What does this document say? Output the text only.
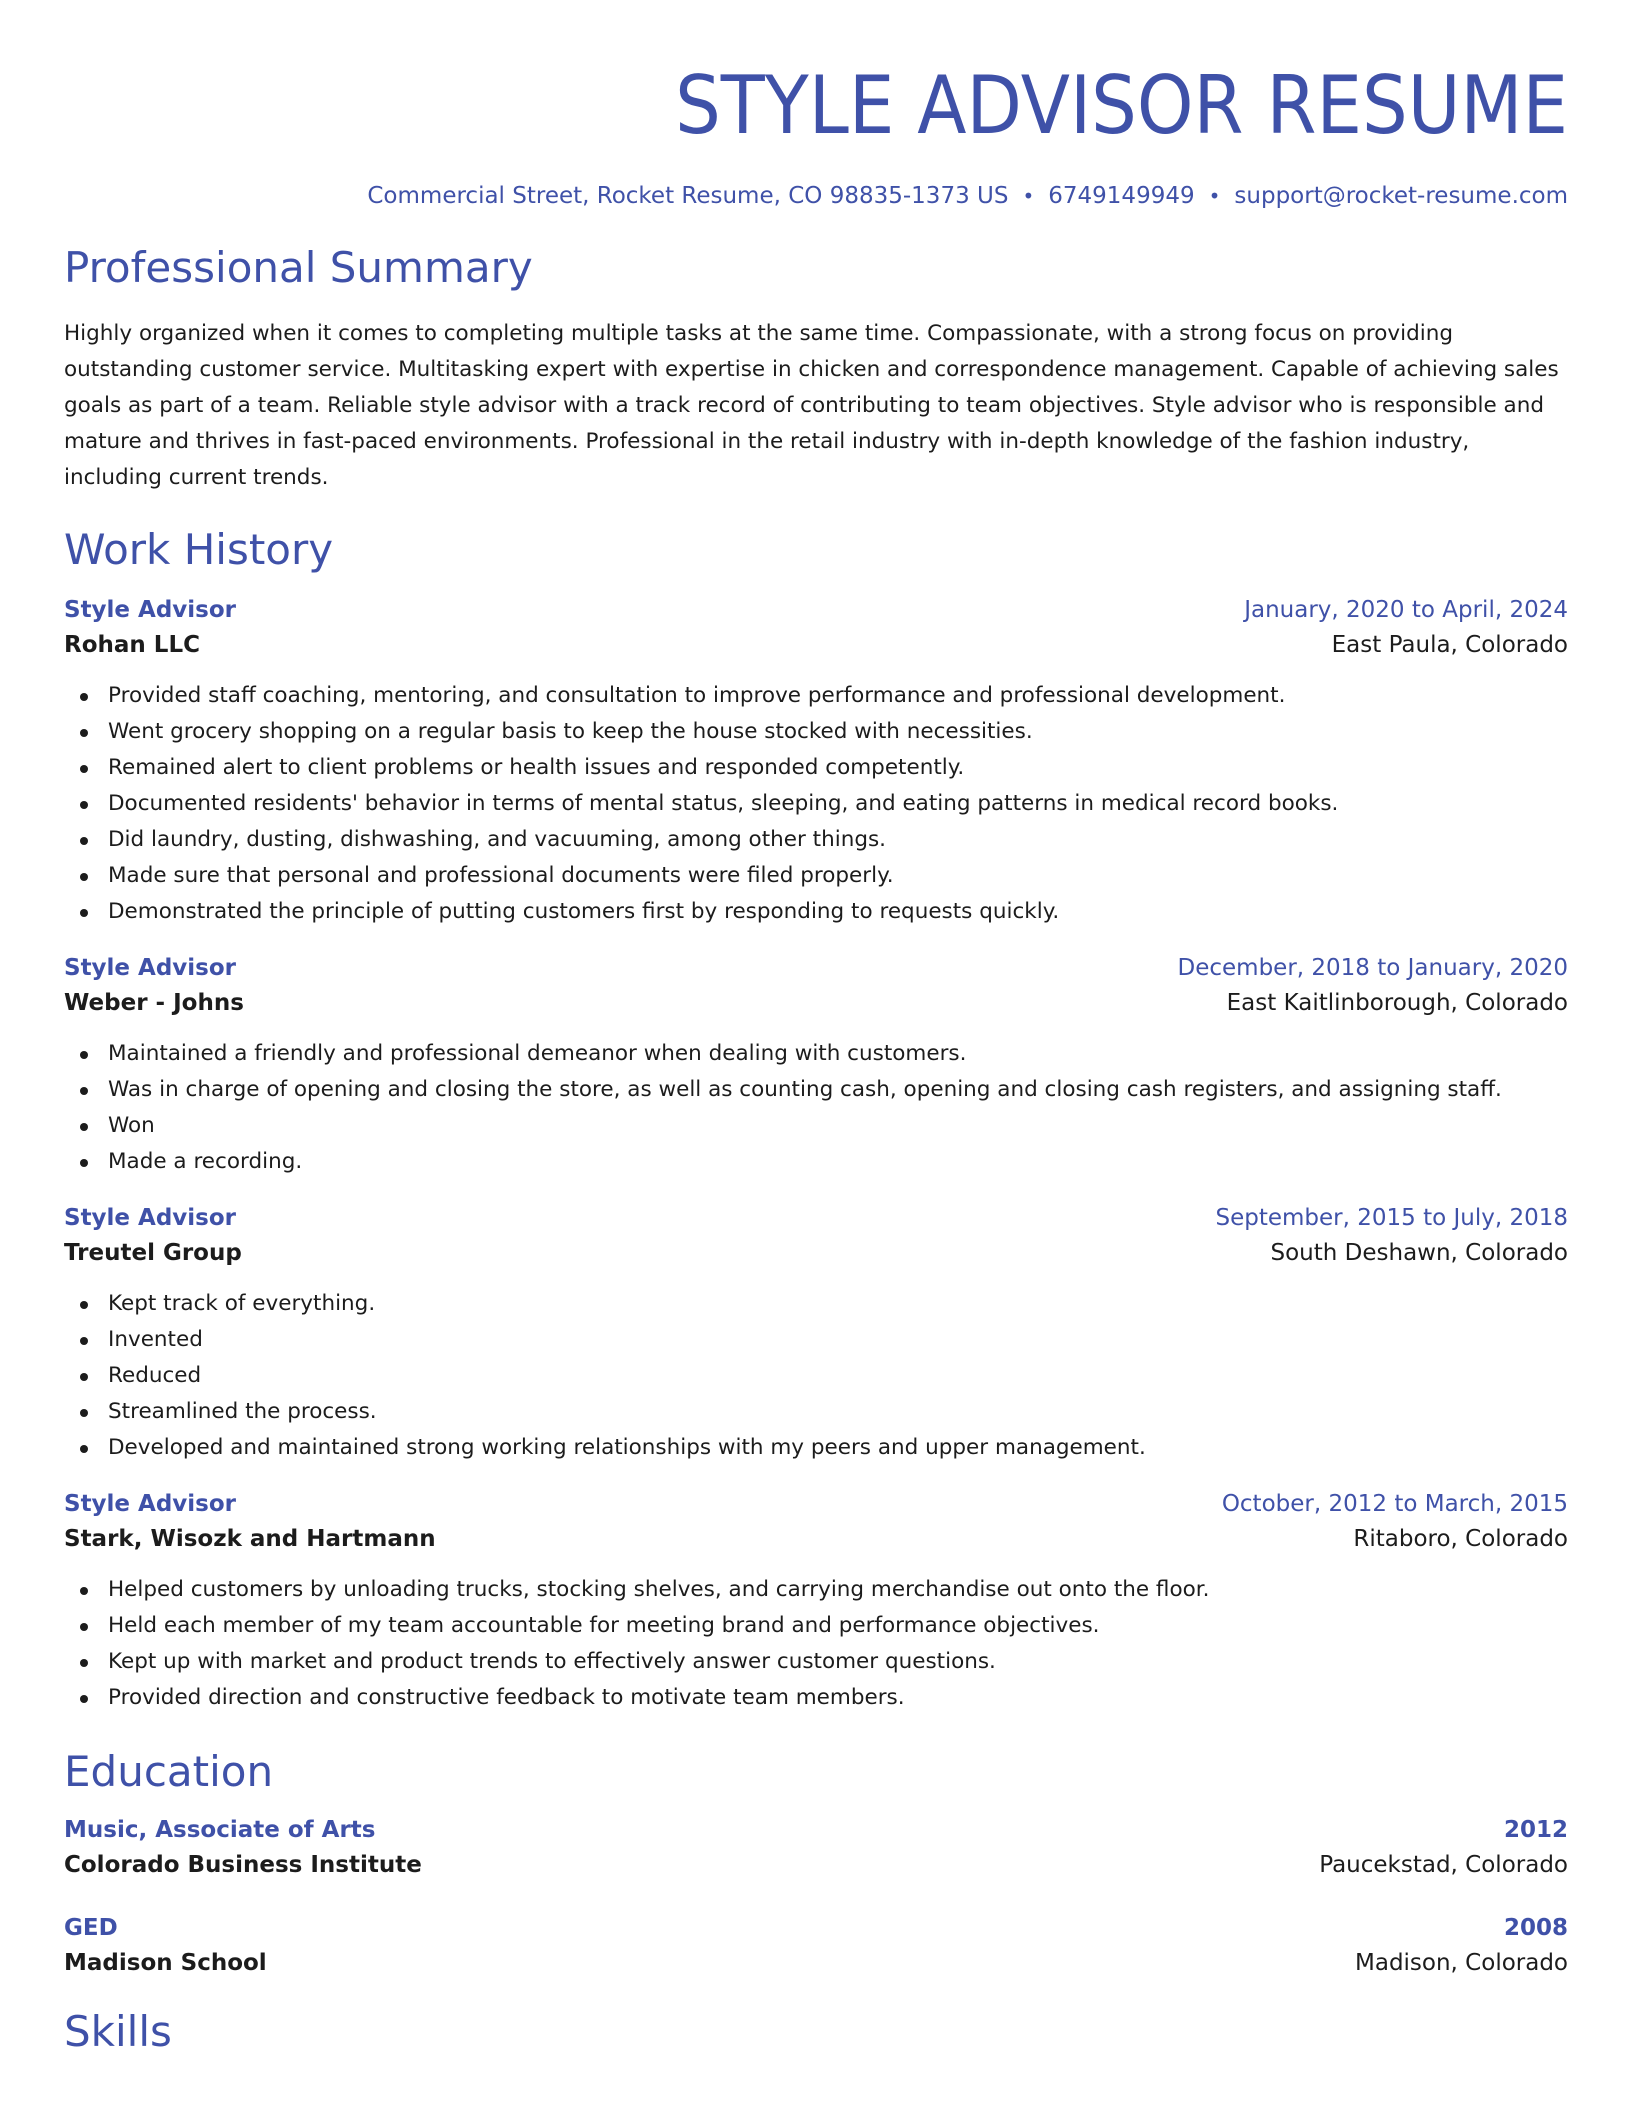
STYLE ADVISOR RESUME
Commercial Street, Rocket Resume, CO 98835-1373 US • 6749149949 • support@rocket-resume.com
Professional Summary

Highly organized when it comes to completing multiple tasks at the same time. Compassionate, with a strong focus on providing outstanding customer service. Multitasking expert with expertise in chicken and correspondence management. Capable of achieving sales goals as part of a team. Reliable style advisor with a track record of contributing to team objectives. Style advisor who is responsible and mature and thrives in fast-paced environments. Professional in the retail industry with in-depth knowledge of the fashion industry, including current trends.

Work History
Style Advisor	January, 2020 to April, 2024
Rohan LLC	East Paula, Colorado
Provided staff coaching, mentoring, and consultation to improve performance and professional development.
Went grocery shopping on a regular basis to keep the house stocked with necessities.
Remained alert to client problems or health issues and responded competently.
Documented residents' behavior in terms of mental status, sleeping, and eating patterns in medical record books.
Did laundry, dusting, dishwashing, and vacuuming, among other things.
Made sure that personal and professional documents were filed properly.
Demonstrated the principle of putting customers first by responding to requests quickly.
Style Advisor	December, 2018 to January, 2020
Weber - Johns	East Kaitlinborough, Colorado
Maintained a friendly and professional demeanor when dealing with customers.
Was in charge of opening and closing the store, as well as counting cash, opening and closing cash registers, and assigning staff.
Won
Made a recording.
Style Advisor	September, 2015 to July, 2018
Treutel Group	South Deshawn, Colorado
Kept track of everything.
Invented
Reduced
Streamlined the process.
Developed and maintained strong working relationships with my peers and upper management.
Style Advisor	October, 2012 to March, 2015
Stark, Wisozk and Hartmann	Ritaboro, Colorado
Helped customers by unloading trucks, stocking shelves, and carrying merchandise out onto the floor.
Held each member of my team accountable for meeting brand and performance objectives.
Kept up with market and product trends to effectively answer customer questions.
Provided direction and constructive feedback to motivate team members.
Education
Music, Associate of Arts	2012
Colorado Business Institute	Paucekstad, Colorado
GED	2008
Madison School	Madison, Colorado
Skills
